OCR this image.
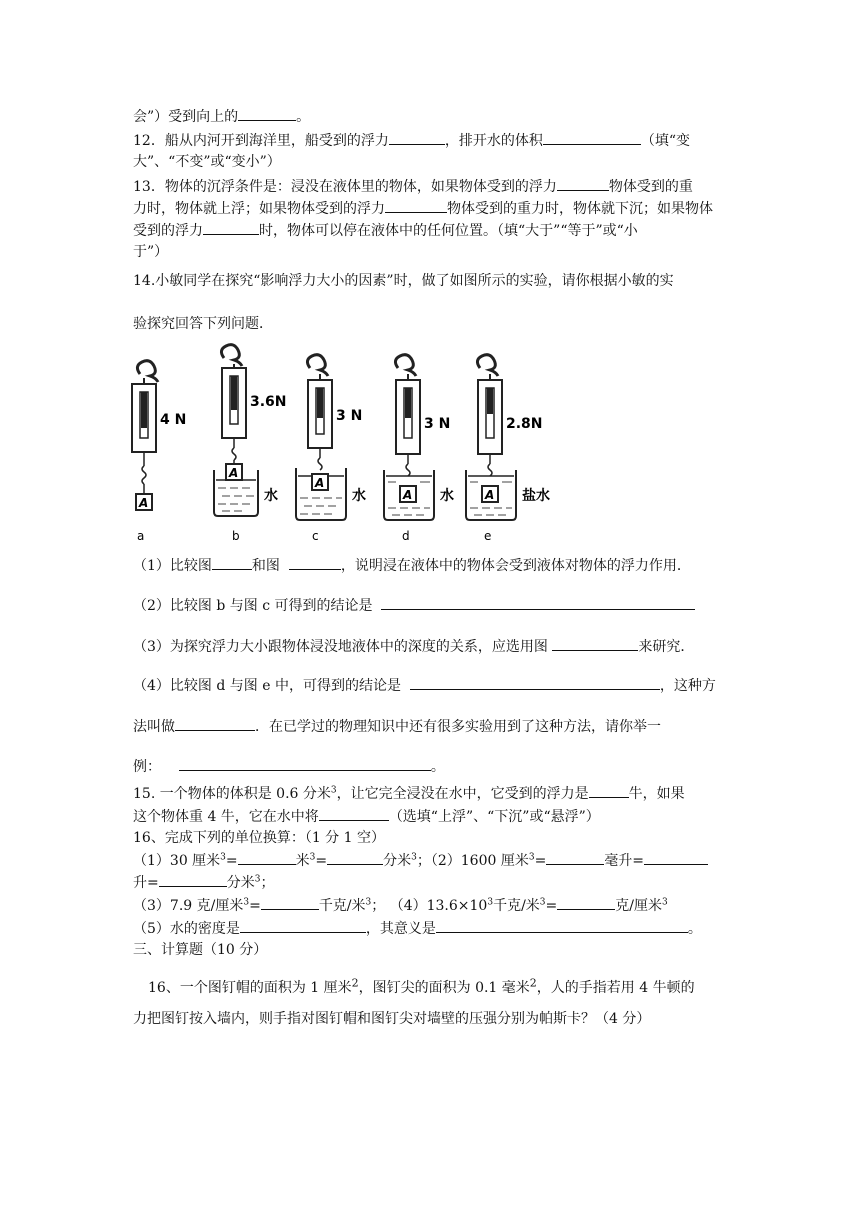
会”）受到向上的	。
12．船从内河开到海洋里，船受到的浮力	，排开水的体积	（填“变
大”、“不变”或“变小”）
13．物体的沉浮条件是：浸没在液体里的物体，如果物体受到的浮力	物体受到的重
力时，物体就上浮；如果物体受到的浮力	物体受到的重力时，物体就下沉；如果物体
受到的浮力	时，物体可以停在液体中的任何位置。（填“大于”“等于”或“小
于”）
14.小敏同学在探究“影响浮力大小的因素”时，做了如图所示的实验，请你根据小敏的实
验探究回答下列问题．
A
4 N
a
A
3.6N
水
b
A
3 N
水
c
A
3 N
水
d
A
2.8N
盐水
e
（1）比较图	和图	，说明浸在液体中的物体会受到液体对物体的浮力作用．
（2）比较图 b 与图 c 可得到的结论是
（3）为探究浮力大小跟物体浸没地液体中的深度的关系，应选用图	来研究．
（4）比较图 d 与图 e 中，可得到的结论是	，这种方
法叫做	．在已学过的物理知识中还有很多实验用到了这种方法，请你举一
例：	。
15. 一个物体的体积是 0.6 分米$^3$，让它完全浸没在水中，它受到的浮力是	牛，如果
这个物体重 4 牛，它在水中将	（选填“上浮”、“下沉”或“悬浮”）
16、完成下列的单位换算：（1 分 1 空）
（1）30 厘米$^3$=	米$^3$=	分米$^3$；（2）1600 厘米$^3$=	毫升=
升=	分米$^3$；
（3）7.9 克/厘米$^3$=	千克/米$^3$； $(4)13.6\times 10^3$千克/米$^3$=	克/厘米$^3$
（5）水的密度是	，其意义是	。
三、计算题（10 分）
16、一个图钉帽的面积为 1 厘米$^2$，图钉尖的面积为 0.1 毫米$^2$，人的手指若用 4 牛顿的
力把图钉按入墙内，则手指对图钉帽和图钉尖对墙壁的压强分别为帕斯卡？（4 分）
